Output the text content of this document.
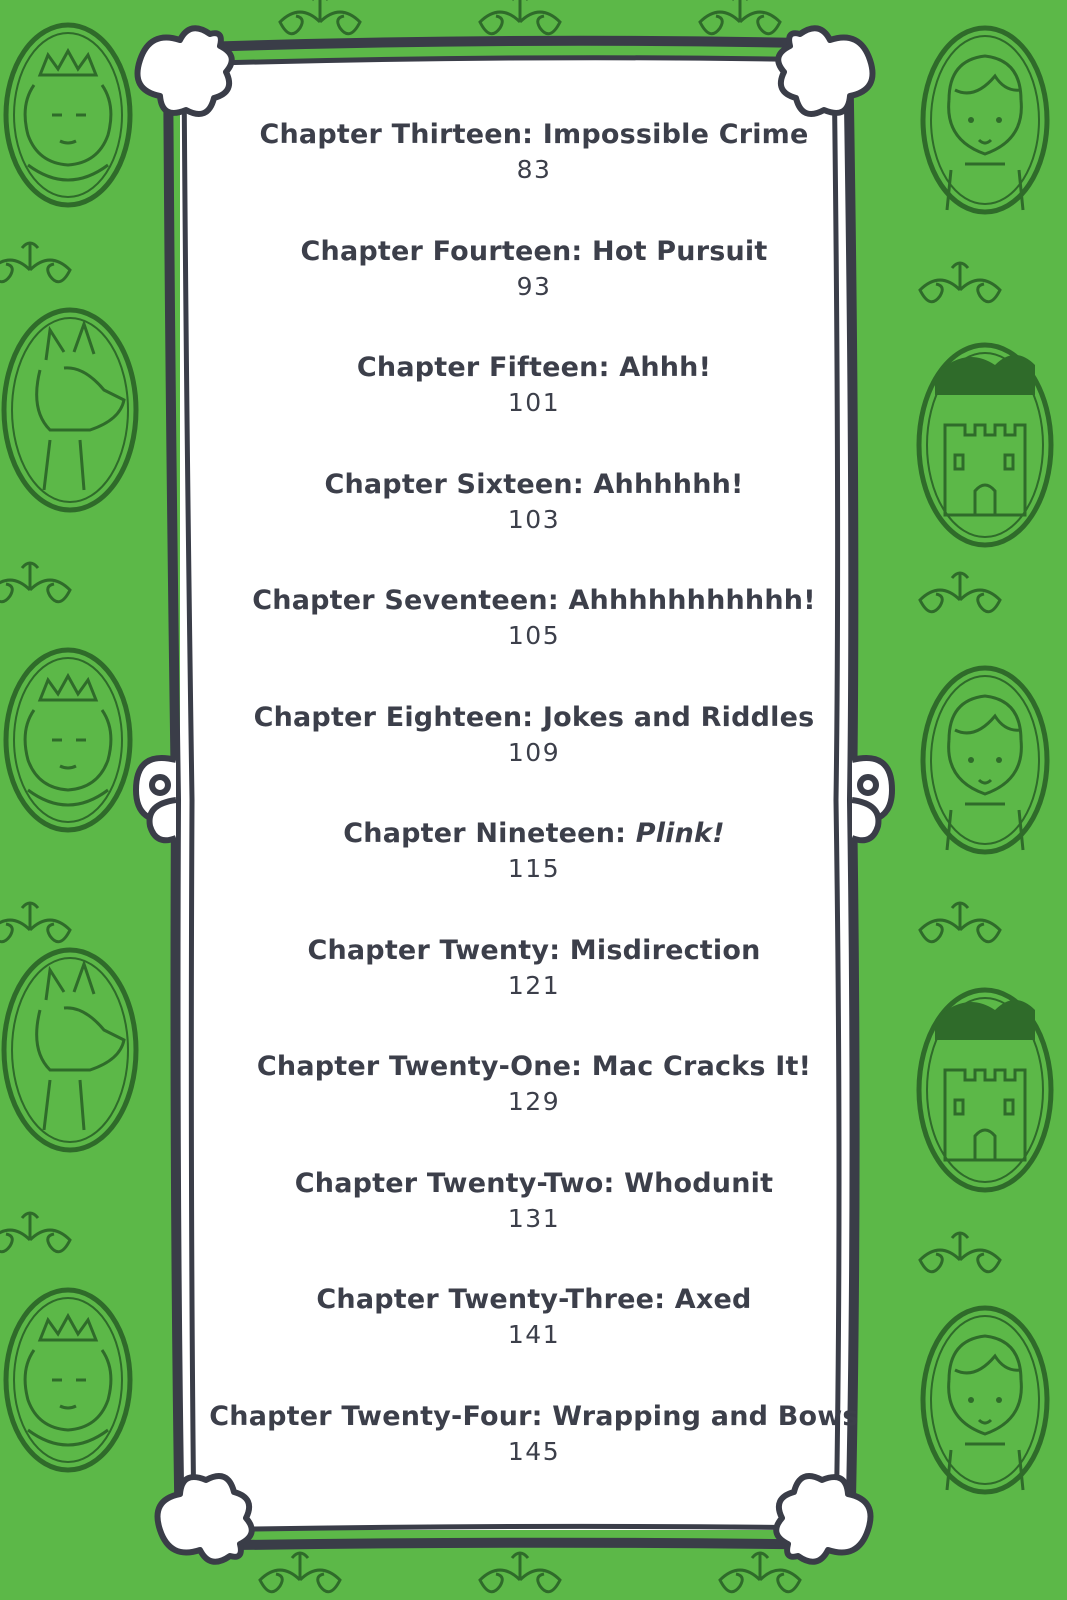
Chapter Thirteen: Impossible Crime
83
Chapter Fourteen: Hot Pursuit
93
Chapter Fifteen: Ahhh!
101
Chapter Sixteen: Ahhhhhh!
103
Chapter Seventeen: Ahhhhhhhhhhh!
105
Chapter Eighteen: Jokes and Riddles
109
Chapter Nineteen: Plink!
115
Chapter Twenty: Misdirection
121
Chapter Twenty-One: Mac Cracks It!
129
Chapter Twenty-Two: Whodunit
131
Chapter Twenty-Three: Axed
141
Chapter Twenty-Four: Wrapping and Bows
145
